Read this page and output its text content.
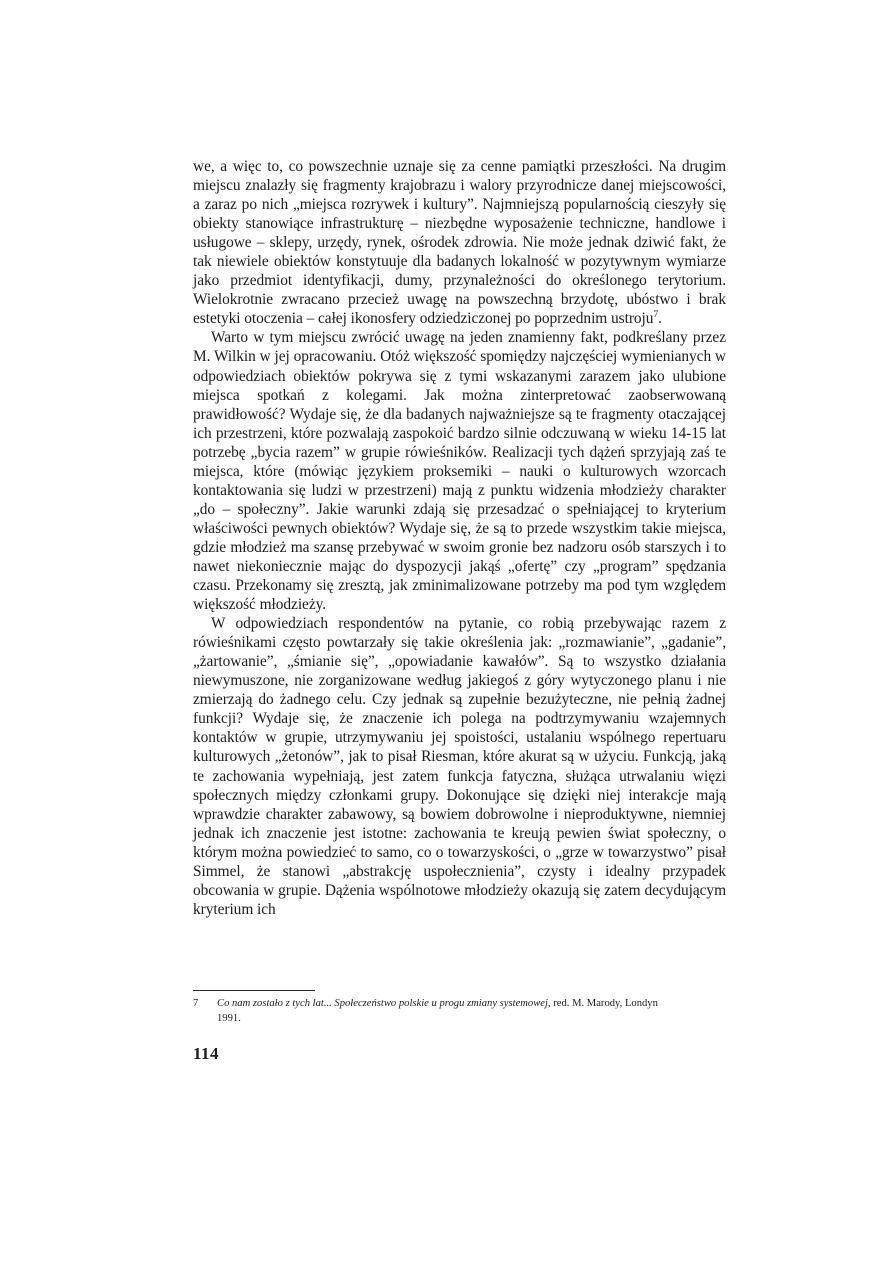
we, a więc to, co powszechnie uznaje się za cenne pamiątki przeszłości. Na drugim miejscu znalazły się fragmenty krajobrazu i walory przyrodnicze danej miejscowości, a zaraz po nich „miejsca rozrywek i kultury”. Najmniejszą popularnością cieszyły się obiekty stanowiące infrastrukturę – niezbędne wyposażenie techniczne, handlowe i usługowe – sklepy, urzędy, rynek, ośrodek zdrowia. Nie może jednak dziwić fakt, że tak niewiele obiektów konstytuuje dla badanych lokalność w pozytywnym wymiarze jako przedmiot identyfikacji, dumy, przynależności do określonego terytorium. Wielokrotnie zwracano przecież uwagę na powszechną brzydotę, ubóstwo i brak estetyki otoczenia – całej ikonosfery odziedziczonej po poprzednim ustroju$^7$.

Warto w tym miejscu zwrócić uwagę na jeden znamienny fakt, podkreślany przez M. Wilkin w jej opracowaniu. Otóż większość spomiędzy najczęściej wymienianych w odpowiedziach obiektów pokrywa się z tymi wskazanymi zarazem jako ulubione miejsca spotkań z kolegami. Jak można zinterpretować zaobserwowaną prawidłowość? Wydaje się, że dla badanych najważniejsze są te fragmenty otaczającej ich przestrzeni, które pozwalają zaspokoić bardzo silnie odczuwaną w wieku 14-15 lat potrzebę „bycia razem” w grupie rówieśników. Realizacji tych dążeń sprzyjają zaś te miejsca, które (mówiąc językiem proksemiki – nauki o kulturowych wzorcach kontaktowania się ludzi w przestrzeni) mają z punktu widzenia młodzieży charakter „do – społeczny”. Jakie warunki zdają się przesadzać o spełniającej to kryterium właściwości pewnych obiektów? Wydaje się, że są to przede wszystkim takie miejsca, gdzie młodzież ma szansę przebywać w swoim gronie bez nadzoru osób starszych i to nawet niekoniecznie mając do dyspozycji jakąś „ofertę” czy „program” spędzania czasu. Przekonamy się zresztą, jak zminimalizowane potrzeby ma pod tym względem większość młodzieży.

W odpowiedziach respondentów na pytanie, co robią przebywając razem z rówieśnikami często powtarzały się takie określenia jak: „rozmawianie”, „gadanie”, „żartowanie”, „śmianie się”, „opowiadanie kawałów”. Są to wszystko działania niewymuszone, nie zorganizowane według jakiegoś z góry wytyczonego planu i nie zmierzają do żadnego celu. Czy jednak są zupełnie bezużyteczne, nie pełnią żadnej funkcji? Wydaje się, że znaczenie ich polega na podtrzymywaniu wzajemnych kontaktów w grupie, utrzymywaniu jej spoistości, ustalaniu wspólnego repertuaru kulturowych „żetonów”, jak to pisał Riesman, które akurat są w użyciu. Funkcją, jaką te zachowania wypełniają, jest zatem funkcja fatyczna, służąca utrwalaniu więzi społecznych między członkami grupy. Dokonujące się dzięki niej interakcje mają wprawdzie charakter zabawowy, są bowiem dobrowolne i nieproduktywne, niemniej jednak ich znaczenie jest istotne: zachowania te kreują pewien świat społeczny, o którym można powiedzieć to samo, co o towarzyskości, o „grze w towarzystwo” pisał Simmel, że stanowi „abstrakcję uspołecznienia”, czysty i idealny przypadek obcowania w grupie. Dążenia wspólnotowe młodzieży okazują się zatem decydującym kryterium ich

7 Co nam zostało z tych lat... Społeczeństwo polskie u progu zmiany systemowej, red. M. Marody, Londyn
1991.
114
